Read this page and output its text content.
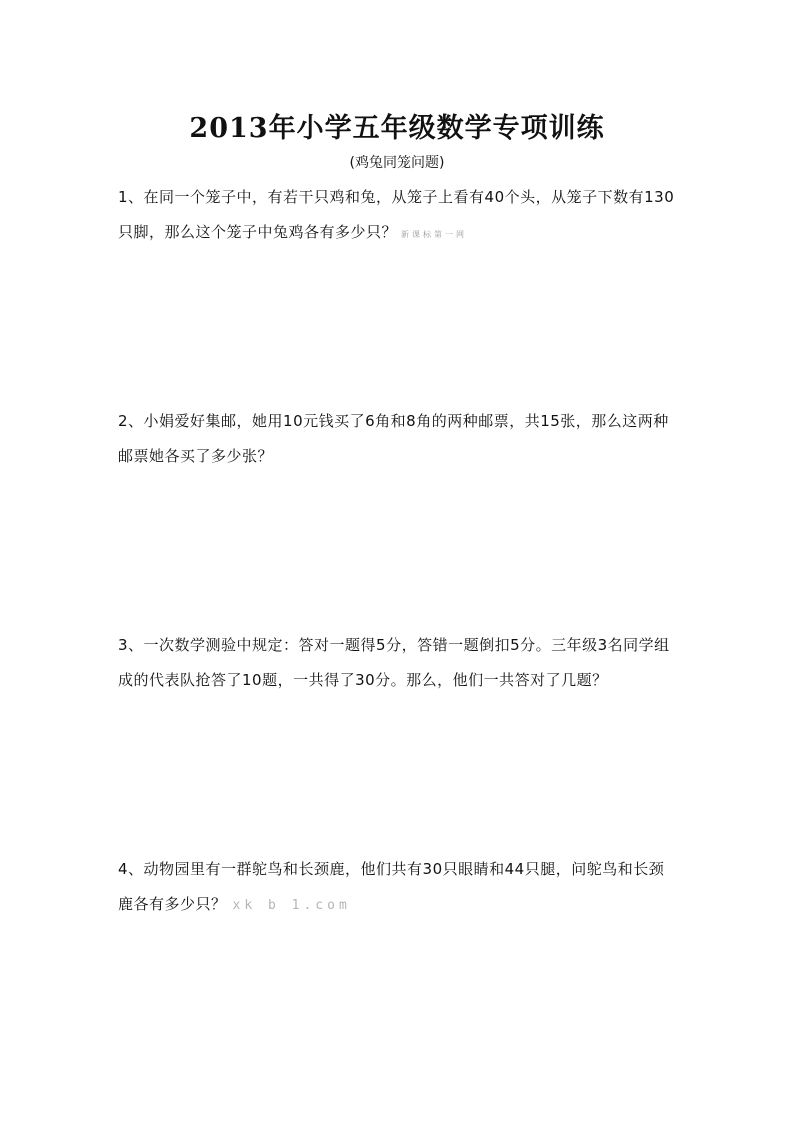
2013年小学五年级数学专项训练
(鸡兔同笼问题)
1、在同一个笼子中，有若干只鸡和兔，从笼子上看有40个头，从笼子下数有130只脚，那么这个笼子中兔鸡各有多少只？ 新课标第一网
2、小娟爱好集邮，她用10元钱买了6角和8角的两种邮票，共15张，那么这两种邮票她各买了多少张？
3、一次数学测验中规定：答对一题得5分，答错一题倒扣5分。三年级3名同学组成的代表队抢答了10题，一共得了30分。那么，他们一共答对了几题？
4、动物园里有一群鸵鸟和长颈鹿，他们共有30只眼睛和44只腿，问鸵鸟和长颈鹿各有多少只？ xk b 1.com
